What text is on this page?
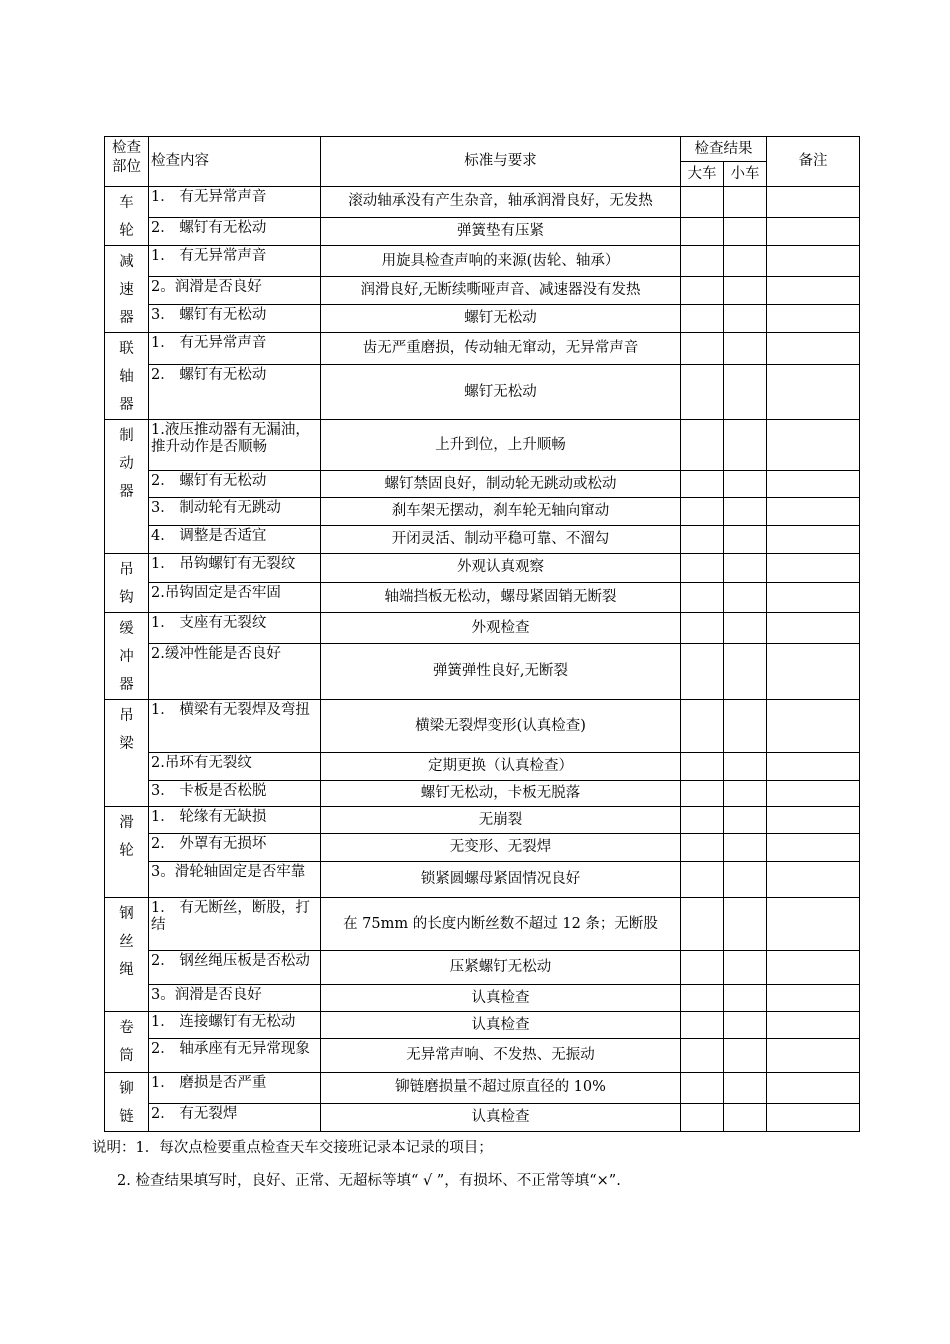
检查部位	检查内容	标准与要求	检查结果		备注
			大车	小车	

车轮	1． 有无异常声音	滚动轴承没有产生杂音，轴承润滑良好，无发热			
	2． 螺钉有无松动	弹簧垫有压紧			

减速器	1． 有无异常声音	用旋具检查声响的来源(齿轮、轴承）			
	2。润滑是否良好	润滑良好,无断续嘶哑声音、减速器没有发热			
	3． 螺钉有无松动	螺钉无松动			

联轴器	1． 有无异常声音	齿无严重磨损，传动轴无窜动，无异常声音			
	2． 螺钉有无松动	螺钉无松动			

制动器	1.液压推动器有无漏油，推升动作是否顺畅	上升到位，上升顺畅			
	2． 螺钉有无松动	螺钉禁固良好，制动轮无跳动或松动			
	3． 制动轮有无跳动	刹车架无摆动，刹车轮无轴向窜动			
	4． 调整是否适宜	开闭灵活、制动平稳可靠、不溜勾			

吊钩	1． 吊钩螺钉有无裂纹	外观认真观察			
	2.吊钩固定是否牢固	轴端挡板无松动，螺母紧固销无断裂			

缓冲器	1． 支座有无裂纹	外观检查			
	2.缓冲性能是否良好	弹簧弹性良好,无断裂			

吊梁	1． 横梁有无裂焊及弯扭	横梁无裂焊变形(认真检查)			
	2.吊环有无裂纹	定期更换（认真检查）			
	3． 卡板是否松脱	螺钉无松动，卡板无脱落			

滑轮	1． 轮缘有无缺损	无崩裂			
	2． 外罩有无损坏	无变形、无裂焊			
	3。滑轮轴固定是否牢靠	锁紧圆螺母紧固情况良好			

钢丝绳	1． 有无断丝，断股，打结	在 75mm 的长度内断丝数不超过 12 条；无断股			
	2． 钢丝绳压板是否松动	压紧螺钉无松动			
	3。润滑是否良好	认真检查			

卷筒	1． 连接螺钉有无松动	认真检查			
	2． 轴承座有无异常现象	无异常声响、不发热、无振动			

铆链	1． 磨损是否严重	铆链磨损量不超过原直径的 10%			
	2． 有无裂焊	认真检查			
说明：1．每次点检要重点检查天车交接班记录本记录的项目；
2. 检查结果填写时，良好、正常、无超标等填“ √ ”，有损坏、不正常等填“×”.
